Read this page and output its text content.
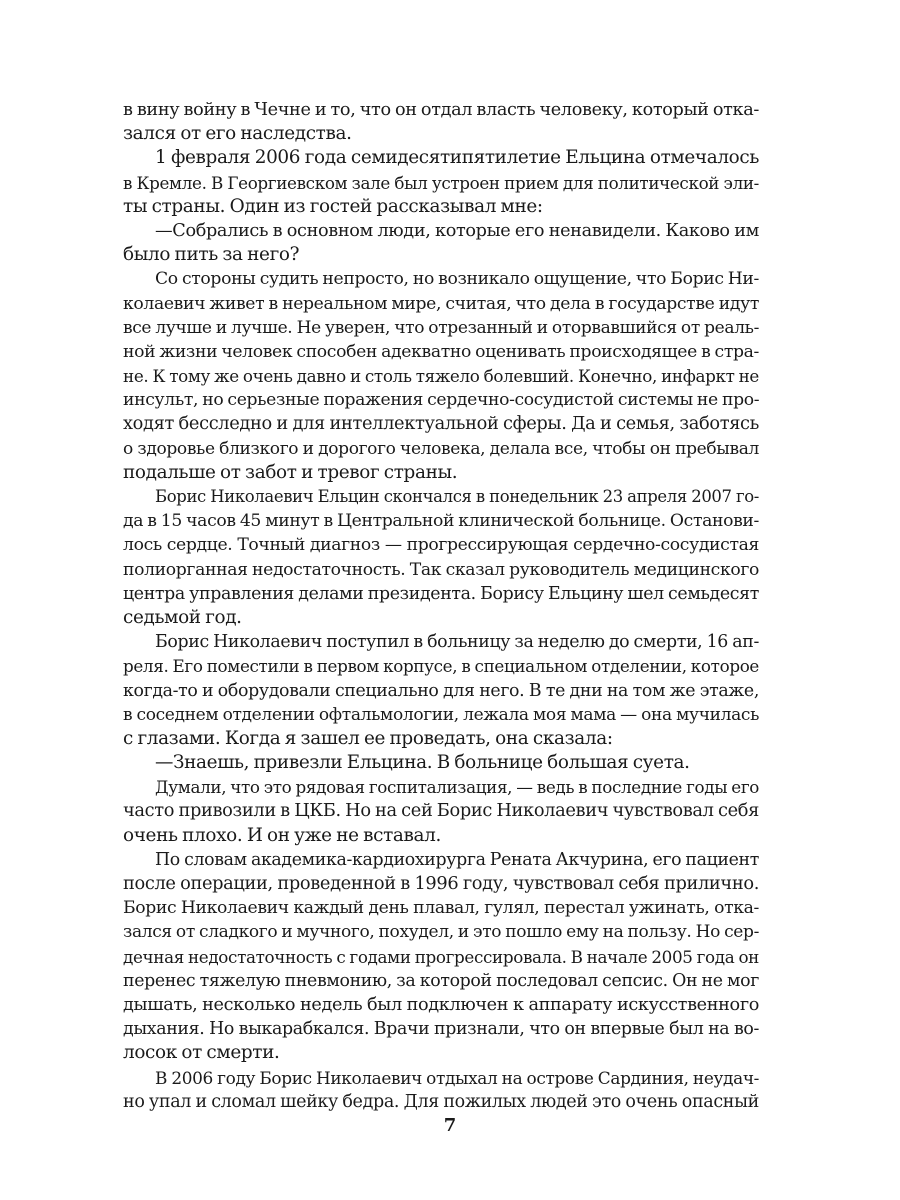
в вину войну в Чечне и то, что он отдал власть человеку, который отка-
зался от его наследства.
1 февраля 2006 года семидесятипятилетие Ельцина отмечалось
в Кремле. В Георгиевском зале был устроен прием для политической эли-
ты страны. Один из гостей рассказывал мне:
—Собрались в основном люди, которые его ненавидели. Каково им
было пить за него?
Со стороны судить непросто, но возникало ощущение, что Борис Ни-
колаевич живет в нереальном мире, считая, что дела в государстве идут
все лучше и лучше. Не уверен, что отрезанный и оторвавшийся от реаль-
ной жизни человек способен адекватно оценивать происходящее в стра-
не. К тому же очень давно и столь тяжело болевший. Конечно, инфаркт не
инсульт, но серьезные поражения сердечно-сосудистой системы не про-
ходят бесследно и для интеллектуальной сферы. Да и семья, заботясь
о здоровье близкого и дорогого человека, делала все, чтобы он пребывал
подальше от забот и тревог страны.
Борис Николаевич Ельцин скончался в понедельник 23 апреля 2007 го-
да в 15 часов 45 минут в Центральной клинической больнице. Останови-
лось сердце. Точный диагноз — прогрессирующая сердечно-сосудистая
полиорганная недостаточность. Так сказал руководитель медицинского
центра управления делами президента. Борису Ельцину шел семьдесят
седьмой год.
Борис Николаевич поступил в больницу за неделю до смерти, 16 ап-
реля. Его поместили в первом корпусе, в специальном отделении, которое
когда-то и оборудовали специально для него. В те дни на том же этаже,
в соседнем отделении офтальмологии, лежала моя мама — она мучилась
с глазами. Когда я зашел ее проведать, она сказала:
—Знаешь, привезли Ельцина. В больнице большая суета.
Думали, что это рядовая госпитализация, — ведь в последние годы его
часто привозили в ЦКБ. Но на сей Борис Николаевич чувствовал себя
очень плохо. И он уже не вставал.
По словам академика-кардиохирурга Рената Акчурина, его пациент
после операции, проведенной в 1996 году, чувствовал себя прилично.
Борис Николаевич каждый день плавал, гулял, перестал ужинать, отка-
зался от сладкого и мучного, похудел, и это пошло ему на пользу. Но сер-
дечная недостаточность с годами прогрессировала. В начале 2005 года он
перенес тяжелую пневмонию, за которой последовал сепсис. Он не мог
дышать, несколько недель был подключен к аппарату искусственного
дыхания. Но выкарабкался. Врачи признали, что он впервые был на во-
лосок от смерти.
В 2006 году Борис Николаевич отдыхал на острове Сардиния, неудач-
но упал и сломал шейку бедра. Для пожилых людей это очень опасный
7
